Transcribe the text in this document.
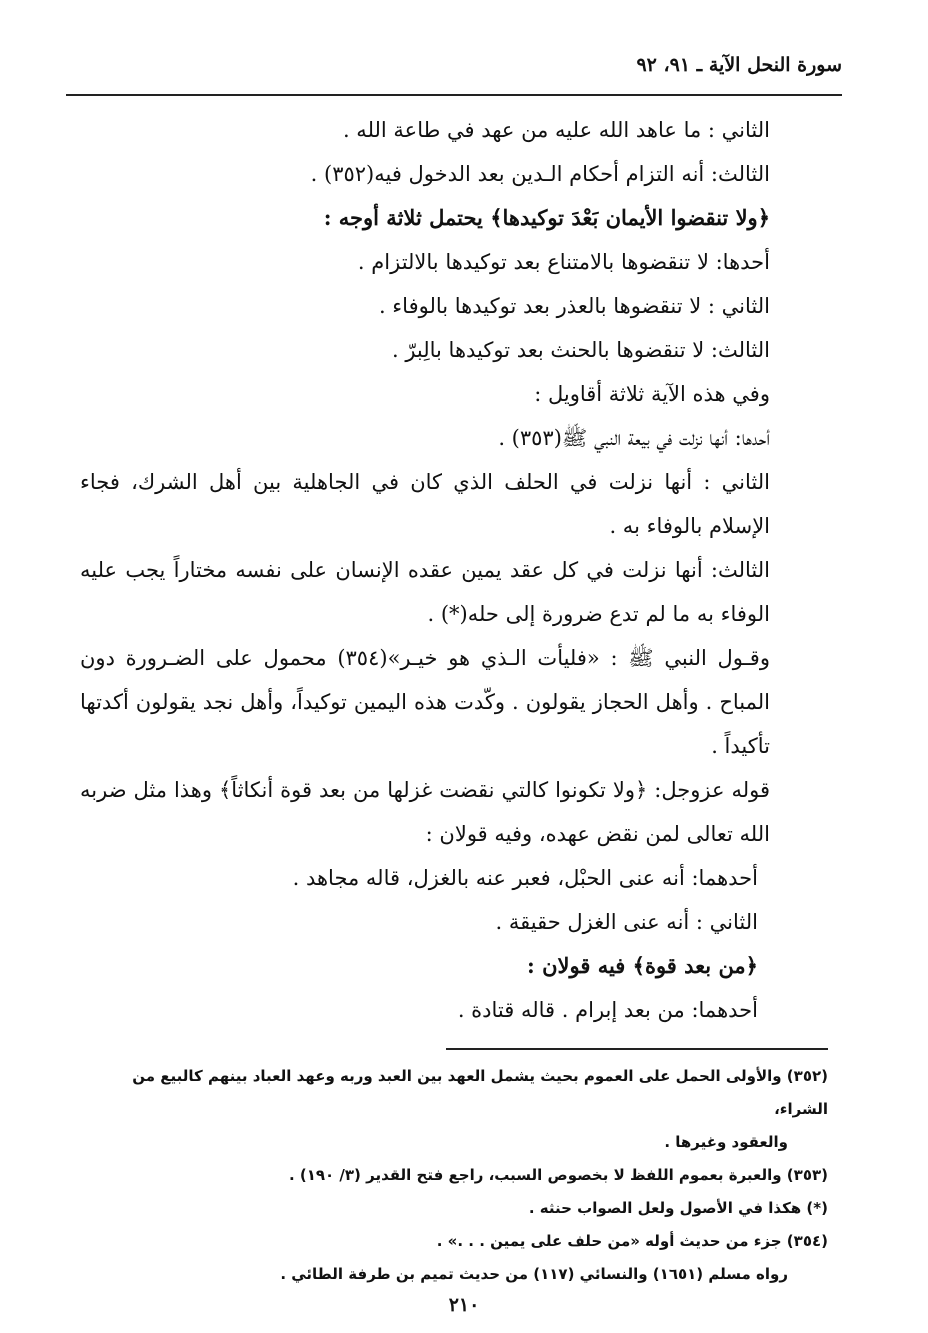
سورة النحل الآية ـ ٩١، ٩٢

الثاني : ما عاهد الله عليه من عهد في طاعة الله .

الثالث: أنه التزام أحكام الـدين بعد الدخول فيه(٣٥٢) .

﴿ولا تنقضوا الأيمان بَعْدَ توكيدها﴾ يحتمل ثلاثة أوجه :

أحدها: لا تنقضوها بالامتناع بعد توكيدها بالالتزام .

الثاني : لا تنقضوها بالعذر بعد توكيدها بالوفاء .

الثالث: لا تنقضوها بالحنث بعد توكيدها بالِبرّ .

وفي هذه الآية ثلاثة أقاويل :

أحدها: أنها نزلت في بيعة النبي ﷺ(٣٥٣) .

الثاني : أنها نزلت في الحلف الذي كان في الجاهلية بين أهل الشرك، فجاء الإسلام بالوفاء به .

الثالث: أنها نزلت في كل عقد يمين عقده الإنسان على نفسه مختاراً يجب عليه الوفاء به ما لم تدع ضرورة إلى حله(*) .

وقـول النبي ﷺ : «فليأت الـذي هو خيـر»(٣٥٤) محمول على الضـرورة دون المباح . وأهل الحجاز يقولون . وكّدت هذه اليمين توكيداً، وأهل نجد يقولون أكدتها تأكيداً .

قوله عزوجل: ﴿ولا تكونوا كالتي نقضت غزلها من بعد قوة أنكاثاً﴾ وهذا مثل ضربه الله تعالى لمن نقض عهده، وفيه قولان :

أحدهما: أنه عنى الحبْل، فعبر عنه بالغزل، قاله مجاهد .

الثاني : أنه عنى الغزل حقيقة .

﴿من بعد قوة﴾ فيه قولان :

أحدهما: من بعد إبرام . قاله قتادة .

(٣٥٢) والأولى الحمل على العموم بحيث يشمل العهد بين العبد وربه وعهد العباد بينهم كالبيع من الشراء،

والعقود وغيرها .

(٣٥٣) والعبرة بعموم اللفظ لا بخصوص السبب، راجع فتح القدير (٣/ ١٩٠) .

(*) هكذا في الأصول ولعل الصواب حنثه .

(٣٥٤) جزء من حديث أوله «من حلف على يمين . . .» .

رواه مسلم (١٦٥١) والنسائي (١١٧) من حديث تميم بن طرفة الطائي .

٢١٠
